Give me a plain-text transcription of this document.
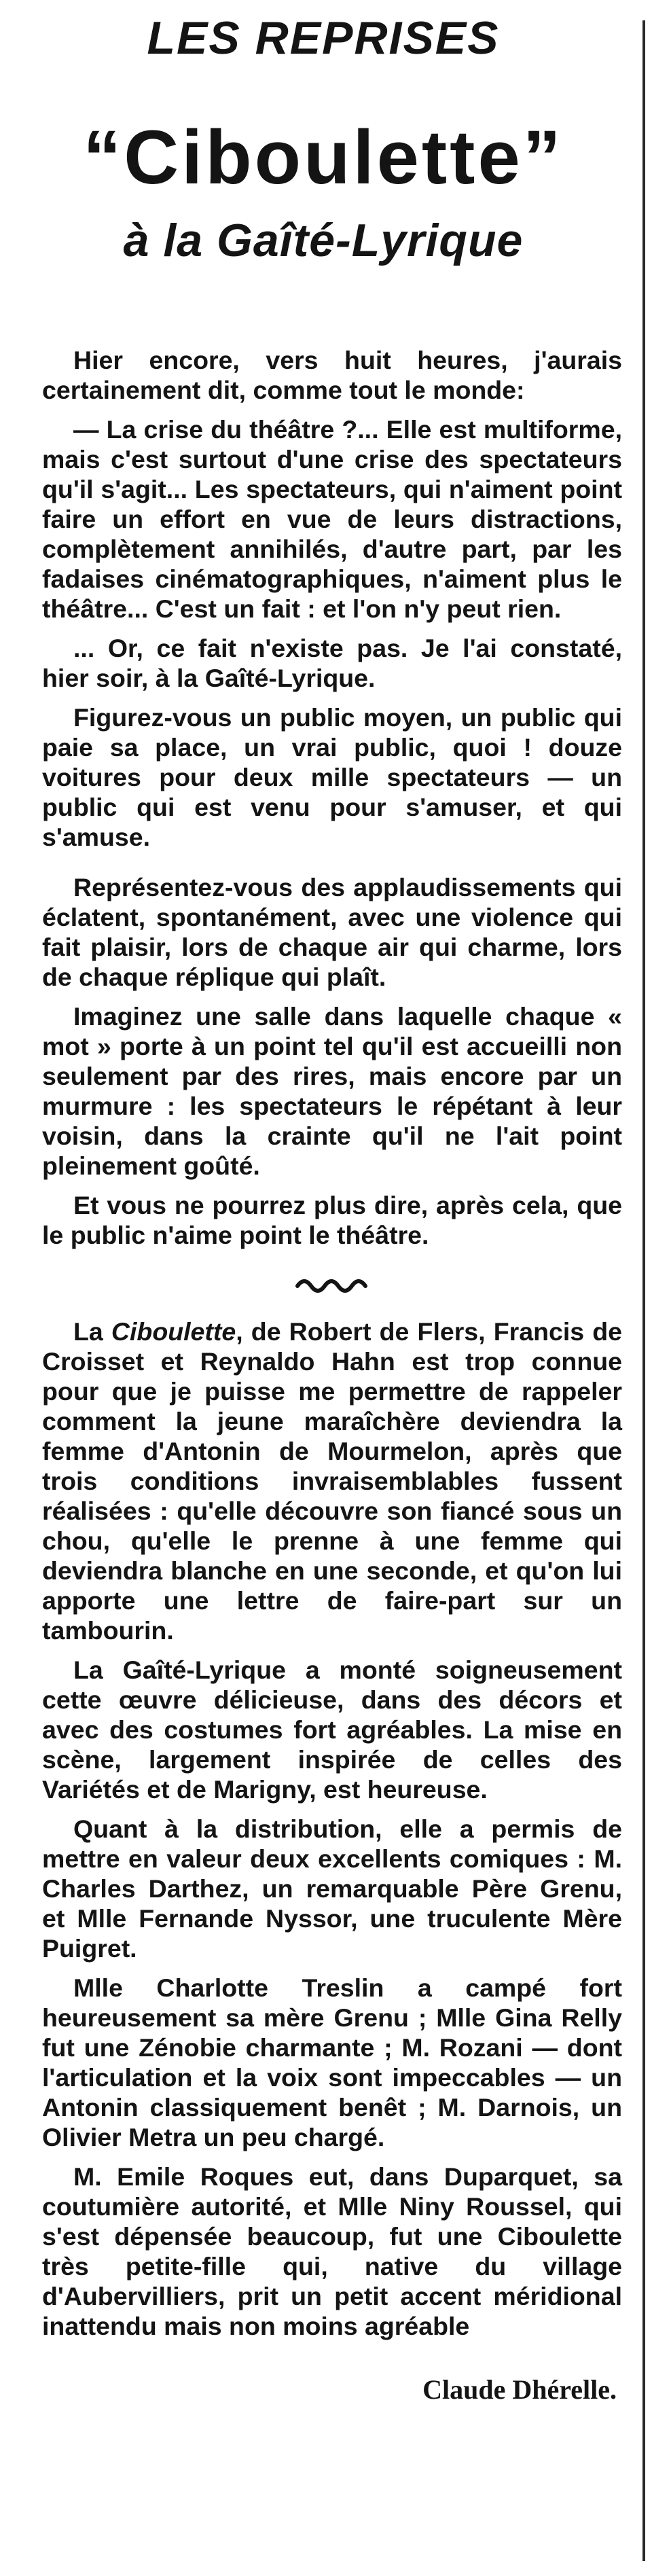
LES REPRISES
“Ciboulette”
à la Gaîté-Lyrique

Hier encore, vers huit heures, j'aurais certainement dit, comme tout le monde:

— La crise du théâtre ?... Elle est multiforme, mais c'est surtout d'une crise des spectateurs qu'il s'agit... Les spectateurs, qui n'aiment point faire un effort en vue de leurs distractions, complètement annihilés, d'autre part, par les fadaises cinématographiques, n'aiment plus le théâtre... C'est un fait : et l'on n'y peut rien.

... Or, ce fait n'existe pas. Je l'ai constaté, hier soir, à la Gaîté-Lyrique.

Figurez-vous un public moyen, un public qui paie sa place, un vrai public, quoi ! douze voitures pour deux mille spectateurs — un public qui est venu pour s'amuser, et qui s'amuse.

Représentez-vous des applaudissements qui éclatent, spontanément, avec une violence qui fait plaisir, lors de chaque air qui charme, lors de chaque réplique qui plaît.

Imaginez une salle dans laquelle chaque « mot » porte à un point tel qu'il est accueilli non seulement par des rires, mais encore par un murmure : les spectateurs le répétant à leur voisin, dans la crainte qu'il ne l'ait point pleinement goûté.

Et vous ne pourrez plus dire, après cela, que le public n'aime point le théâtre.

La Ciboulette, de Robert de Flers, Francis de Croisset et Reynaldo Hahn est trop connue pour que je puisse me permettre de rappeler comment la jeune maraîchère deviendra la femme d'Antonin de Mourmelon, après que trois conditions invraisemblables fussent réalisées : qu'elle découvre son fiancé sous un chou, qu'elle le prenne à une femme qui deviendra blanche en une seconde, et qu'on lui apporte une lettre de faire-part sur un tambourin.

La Gaîté-Lyrique a monté soigneusement cette œuvre délicieuse, dans des décors et avec des costumes fort agréables. La mise en scène, largement inspirée de celles des Variétés et de Marigny, est heureuse.

Quant à la distribution, elle a permis de mettre en valeur deux excellents comiques : M. Charles Darthez, un remarquable Père Grenu, et Mlle Fernande Nyssor, une truculente Mère Puigret.

Mlle Charlotte Treslin a campé fort heureusement sa mère Grenu ; Mlle Gina Relly fut une Zénobie charmante ; M. Rozani — dont l'articulation et la voix sont impeccables — un Antonin classiquement benêt ; M. Darnois, un Olivier Metra un peu chargé.

M. Emile Roques eut, dans Duparquet, sa coutumière autorité, et Mlle Niny Roussel, qui s'est dépensée beaucoup, fut une Ciboulette très petite-fille qui, native du village d'Aubervilliers, prit un petit accent méridional inattendu mais non moins agréable

Claude Dhérelle.
